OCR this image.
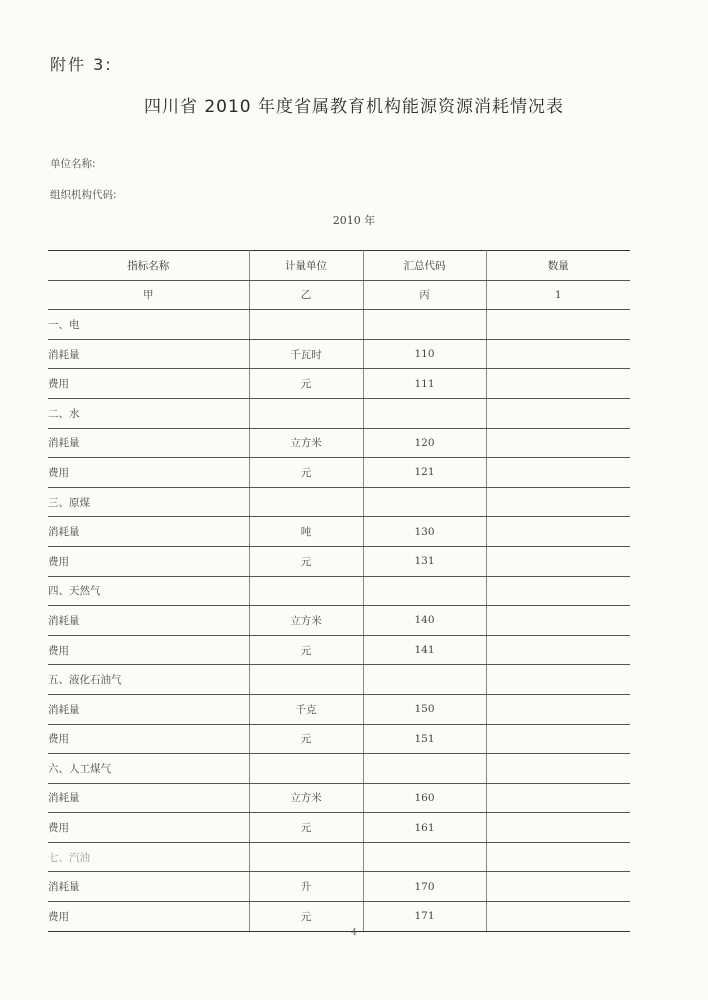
附件 3:
四川省 2010 年度省属教育机构能源资源消耗情况表
单位名称:
组织机构代码:
2010 年
指标名称	计量单位	汇总代码	数量
甲	乙	丙	1
一、电			
消耗量	千瓦时	110	
费用	元	111	
二、水			
消耗量	立方米	120	
费用	元	121	
三、原煤			
消耗量	吨	130	
费用	元	131	
四、天然气			
消耗量	立方米	140	
费用	元	141	
五、液化石油气			
消耗量	千克	150	
费用	元	151	
六、人工煤气			
消耗量	立方米	160	
费用	元	161	
七、汽油			
消耗量	升	170	
费用	元	171	
4
